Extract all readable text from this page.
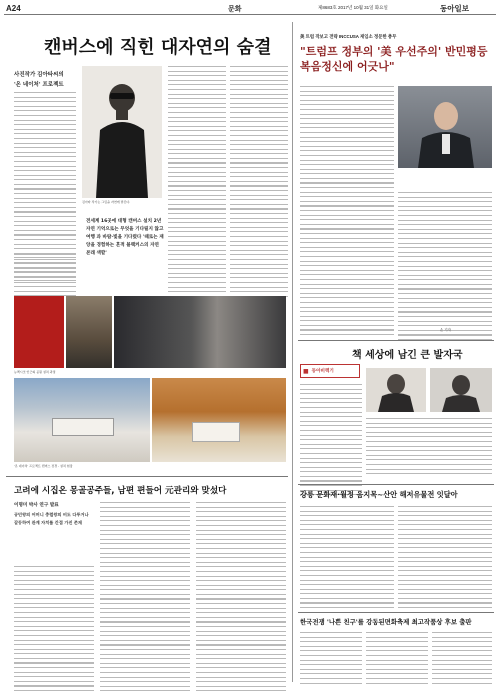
A24	문화	제8683호 2017년 10월 31일 화요일	동아일보
캔버스에 직힌 대자연의 숨결
사진작가 김아타씨의
'온 네이처' 프로젝트
김아타 작가는 그림을 자연에 맡긴다.
전세계 16곳에 대형 캔버스 설치 2년 자연 기억으로는 무엇을 기다릴지 않고 여행 과 바람·빛을 기다렸다 '때로는 재앙을 경험하는 흔적 블랙커스의 자연 본래 색깔'
뉴멕시코 인근의 공원 설치 과정
'온 네이처' 프로젝트 캔버스 전경 - 설치 현장
美 트럼 작보고 전략 INCCUSA 재임소 정문한 총무
"트럼프 정부의 '美 우선주의' 반민평등 복음정신에 어긋나"
손 기자
책 세상에 남긴 큰 발자국
■ 동아비렉기
강릉 문화재·월정 음지목~산안 해저유물전 잇달아
한국전쟁 '나쁜 친구'를 강동된면화축제 최고작품상 후보 출판
고려에 시집온 몽골공주들, 남편 편들어 元관리와 맞섰다
이명미 박사 연구 발표
공민왕의 어머니 충렬왕의 비도 다투거나 갈등하여 관계 자치를 간접 가진 존재
